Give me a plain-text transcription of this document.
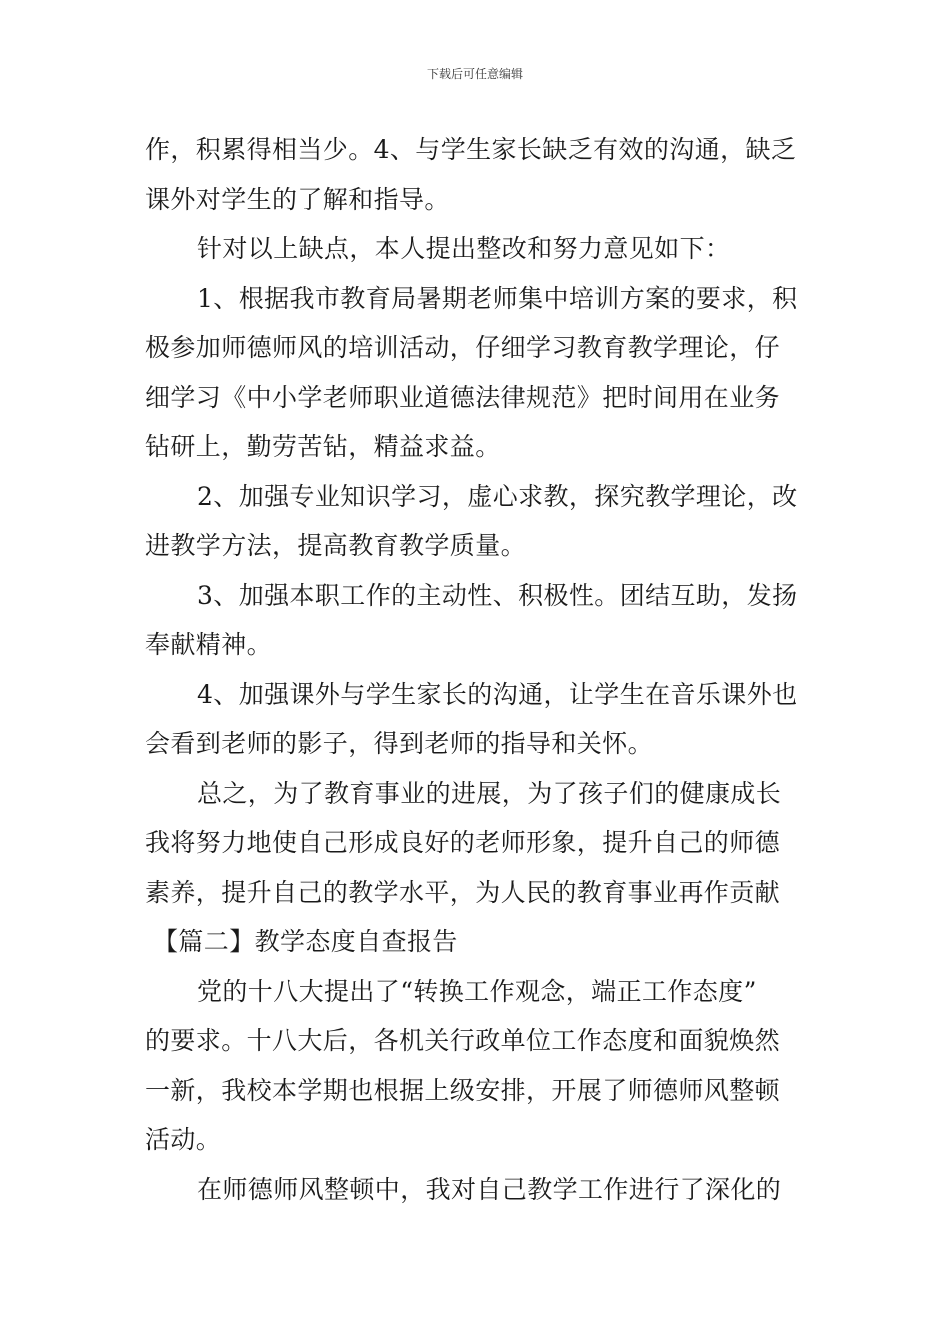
下载后可任意编辑
作，积累得相当少。4、与学生家长缺乏有效的沟通，缺乏
课外对学生的了解和指导。
针对以上缺点，本人提出整改和努力意见如下：
1、根据我市教育局暑期老师集中培训方案的要求，积
极参加师德师风的培训活动，仔细学习教育教学理论，仔
细学习《中小学老师职业道德法律规范》把时间用在业务
钻研上，勤劳苦钻，精益求益。
2、加强专业知识学习，虚心求教，探究教学理论，改
进教学方法，提高教育教学质量。
3、加强本职工作的主动性、积极性。团结互助，发扬
奉献精神。
4、加强课外与学生家长的沟通，让学生在音乐课外也
会看到老师的影子，得到老师的指导和关怀。
总之，为了教育事业的进展，为了孩子们的健康成长
我将努力地使自己形成良好的老师形象，提升自己的师德
素养，提升自己的教学水平，为人民的教育事业再作贡献
【篇二】教学态度自查报告
党的十八大提出了“转换工作观念，端正工作态度”
的要求。十八大后，各机关行政单位工作态度和面貌焕然
一新，我校本学期也根据上级安排，开展了师德师风整顿
活动。
在师德师风整顿中，我对自己教学工作进行了深化的
